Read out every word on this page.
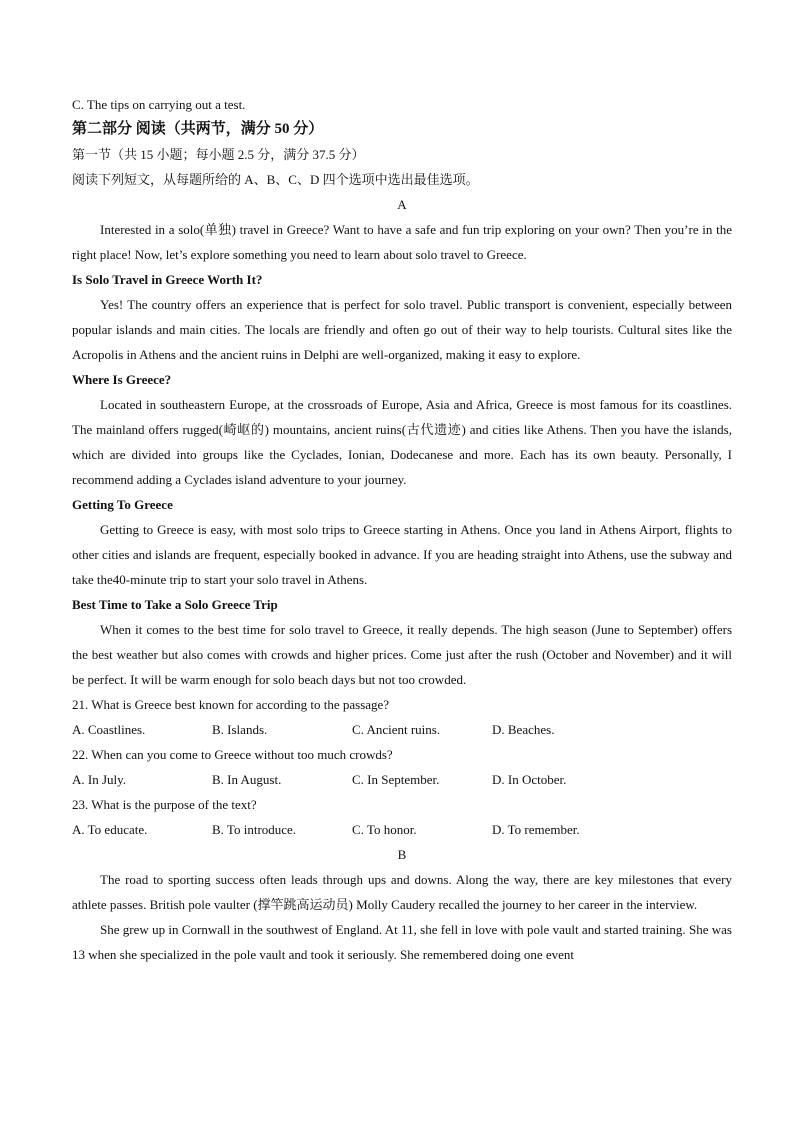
C. The tips on carrying out a test.

第二部分 阅读（共两节，满分 50 分）

第一节（共 15 小题；每小题 2.5 分，满分 37.5 分）

阅读下列短文，从每题所给的 A、B、C、D 四个选项中选出最佳选项。

A

Interested in a solo(单独) travel in Greece? Want to have a safe and fun trip exploring on your own? Then you’re in the right place! Now, let’s explore something you need to learn about solo travel to Greece.

Is Solo Travel in Greece Worth It?

Yes! The country offers an experience that is perfect for solo travel. Public transport is convenient, especially between popular islands and main cities. The locals are friendly and often go out of their way to help tourists. Cultural sites like the Acropolis in Athens and the ancient ruins in Delphi are well-organized, making it easy to explore.

Where Is Greece?

Located in southeastern Europe, at the crossroads of Europe, Asia and Africa, Greece is most famous for its coastlines. The mainland offers rugged(崎岖的) mountains, ancient ruins(古代遗迹) and cities like Athens. Then you have the islands, which are divided into groups like the Cyclades, Ionian, Dodecanese and more. Each has its own beauty. Personally, I recommend adding a Cyclades island adventure to your journey.

Getting To Greece

Getting to Greece is easy, with most solo trips to Greece starting in Athens. Once you land in Athens Airport, flights to other cities and islands are frequent, especially booked in advance. If you are heading straight into Athens, use the subway and take the40-minute trip to start your solo travel in Athens.

Best Time to Take a Solo Greece Trip

When it comes to the best time for solo travel to Greece, it really depends. The high season (June to September) offers the best weather but also comes with crowds and higher prices. Come just after the rush (October and November) and it will be perfect. It will be warm enough for solo beach days but not too crowded.

21. What is Greece best known for according to the passage?

A. Coastlines.	B. Islands.	C. Ancient ruins.	D. Beaches.

22. When can you come to Greece without too much crowds?

A. In July.	B. In August.	C. In September.	D. In October.

23. What is the purpose of the text?

A. To educate.	B. To introduce.	C. To honor.	D. To remember.

B

The road to sporting success often leads through ups and downs. Along the way, there are key milestones that every athlete passes. British pole vaulter (撑竿跳高运动员) Molly Caudery recalled the journey to her career in the interview.

She grew up in Cornwall in the southwest of England. At 11, she fell in love with pole vault and started training. She was 13 when she specialized in the pole vault and took it seriously. She remembered doing one event
